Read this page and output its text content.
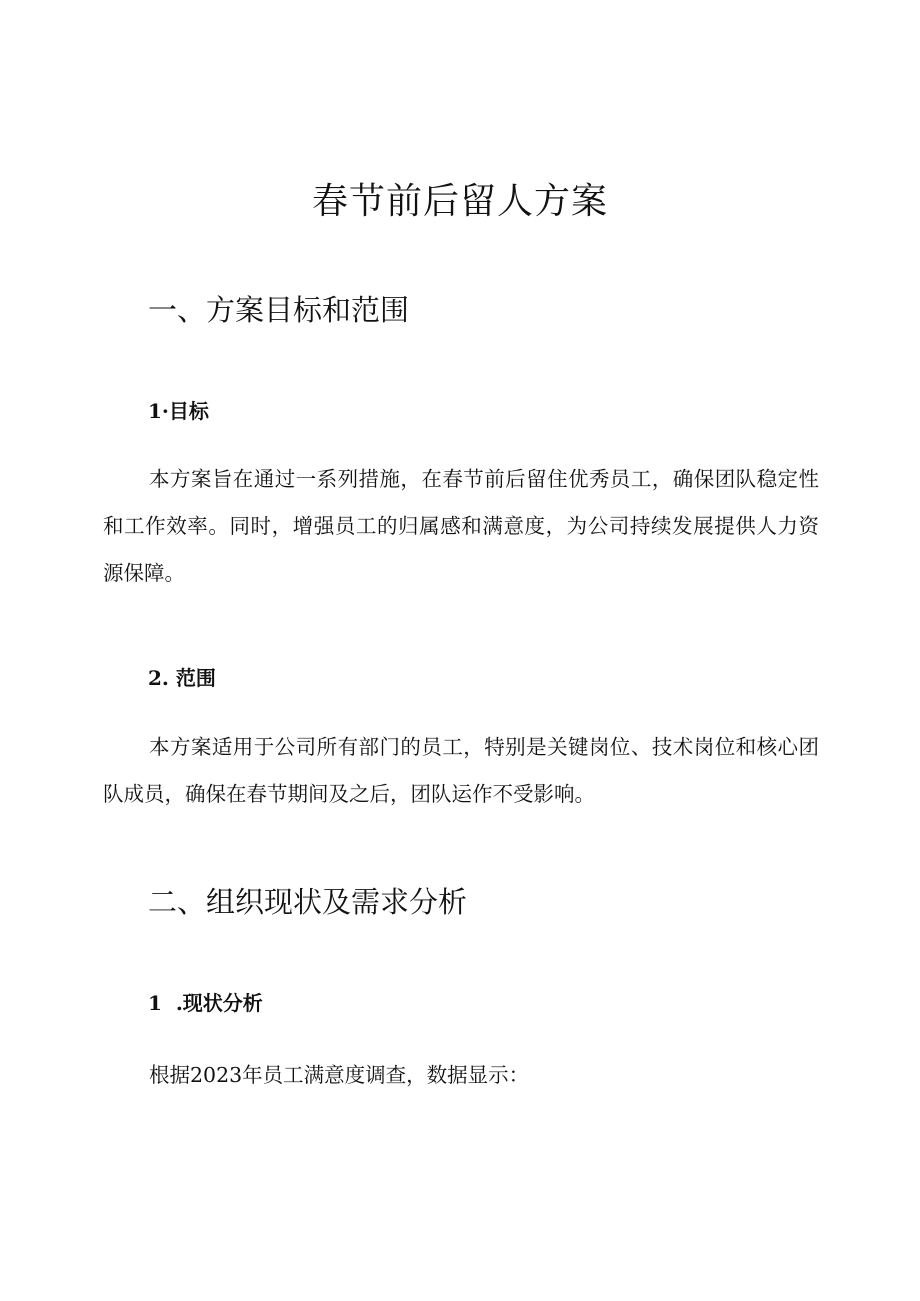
春节前后留人方案
一、方案目标和范围
1·目标

本方案旨在通过一系列措施，在春节前后留住优秀员工，确保团队稳定性和工作效率。同时，增强员工的归属感和满意度，为公司持续发展提供人力资源保障。

2. 范围

本方案适用于公司所有部门的员工，特别是关键岗位、技术岗位和核心团队成员，确保在春节期间及之后，团队运作不受影响。

二、组织现状及需求分析
1  .现状分析

根据2023年员工满意度调查，数据显示：
